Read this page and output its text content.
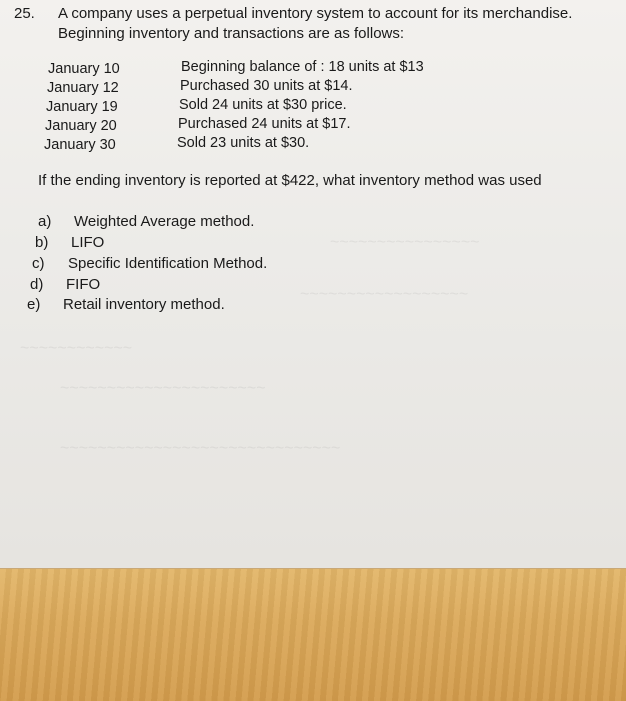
~~~~~~~~~~~~~~~~
~~~~~~~~~~~~~~~~~~
~~~~~~~~~~~~
~~~~~~~~~~~~~~~~~~~~~~
~~~~~~~~~~~~~~~~~~~~~~~~~~~~~~
25. A company uses a perpetual inventory system to account for its merchandise.
Beginning inventory and transactions are as follows:
January 10	Beginning balance of : 18 units at $13
January 12	Purchased 30 units at $14.
January 19	Sold 24 units at $30 price.
January 20	Purchased 24 units at $17.
January 30	Sold 23 units at $30.
If the ending inventory is reported at $422, what inventory method was used
a) Weighted Average method.
b) LIFO
c) Specific Identification Method.
d) FIFO
e) Retail inventory method.
